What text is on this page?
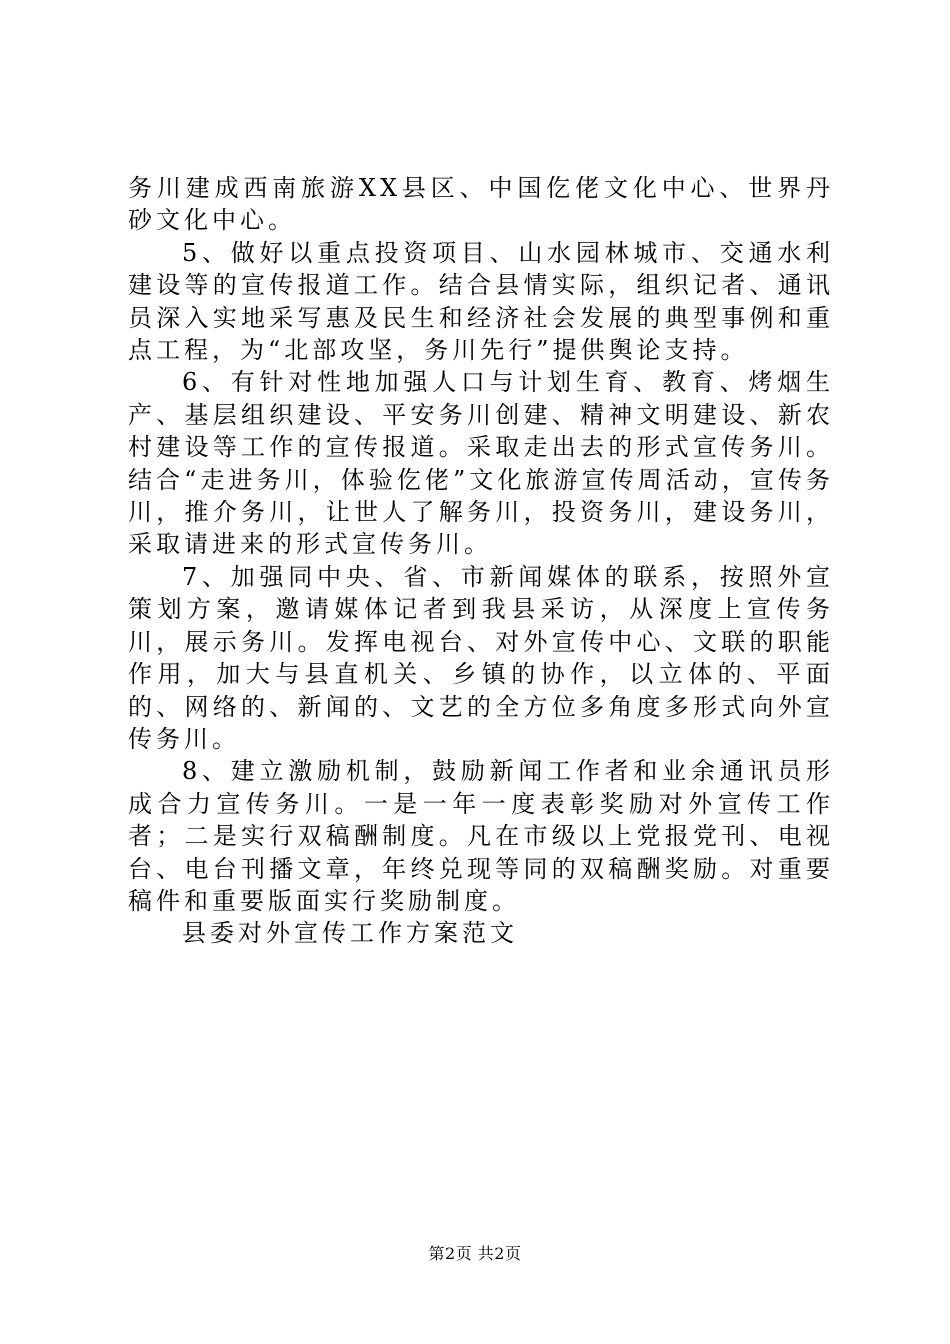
务川建成西南旅游XX县区、中国仡佬文化中心、世界丹砂文化中心。

5、做好以重点投资项目、山水园林城市、交通水利建设等的宣传报道工作。结合县情实际，组织记者、通讯员深入实地采写惠及民生和经济社会发展的典型事例和重点工程，为“北部攻坚，务川先行”提供舆论支持。

6、有针对性地加强人口与计划生育、教育、烤烟生产、基层组织建设、平安务川创建、精神文明建设、新农村建设等工作的宣传报道。采取走出去的形式宣传务川。结合“走进务川，体验仡佬”文化旅游宣传周活动，宣传务川，推介务川，让世人了解务川，投资务川，建设务川，采取请进来的形式宣传务川。

7、加强同中央、省、市新闻媒体的联系，按照外宣策划方案，邀请媒体记者到我县采访，从深度上宣传务川，展示务川。发挥电视台、对外宣传中心、文联的职能作用，加大与县直机关、乡镇的协作，以立体的、平面的、网络的、新闻的、文艺的全方位多角度多形式向外宣传务川。

8、建立激励机制，鼓励新闻工作者和业余通讯员形成合力宣传务川。一是一年一度表彰奖励对外宣传工作者；二是实行双稿酬制度。凡在市级以上党报党刊、电视台、电台刊播文章，年终兑现等同的双稿酬奖励。对重要稿件和重要版面实行奖励制度。

县委对外宣传工作方案范文

第2页 共2页
